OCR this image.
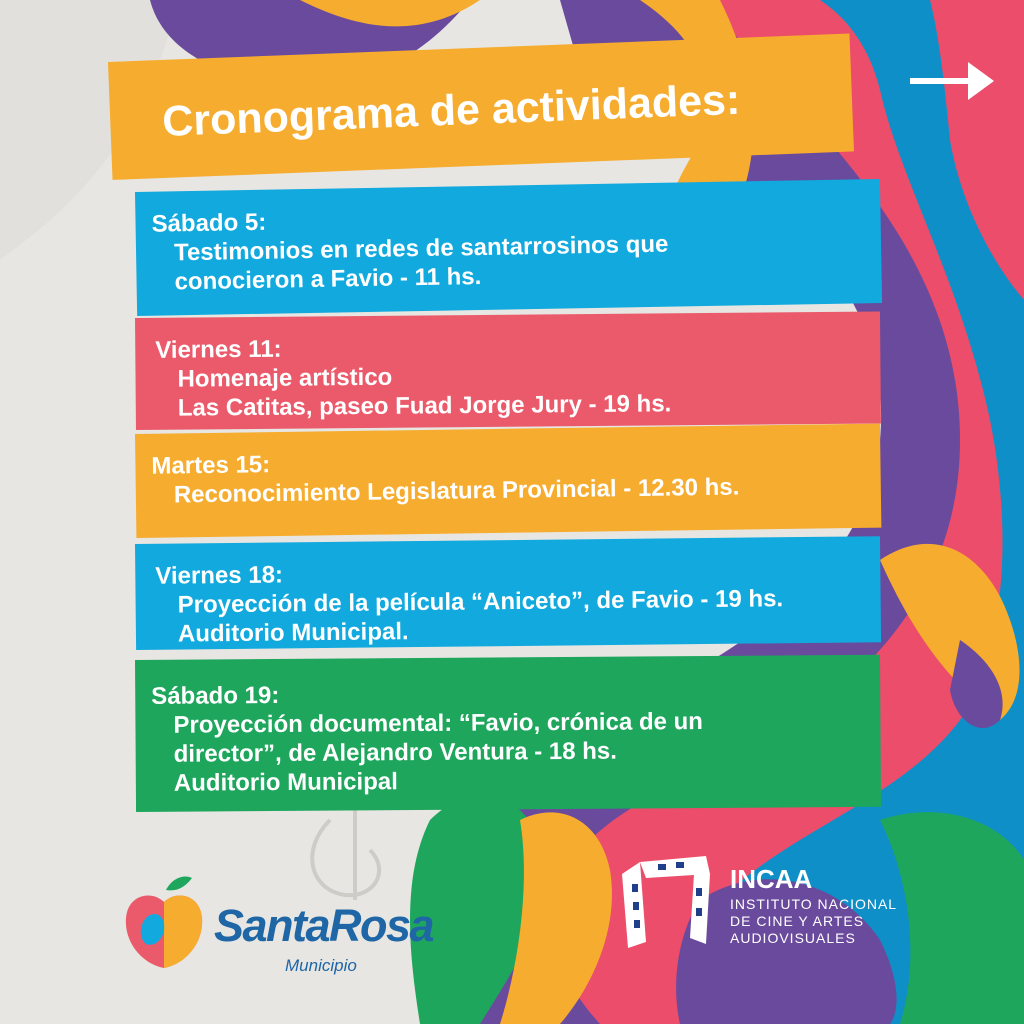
Cronograma de actividades:
Sábado 5:
Testimonios en redes de santarrosinos que
conocieron a Favio - 11 hs.
Viernes 11:
Homenaje artístico
Las Catitas, paseo Fuad Jorge Jury - 19 hs.
Martes 15:
Reconocimiento Legislatura Provincial - 12.30 hs.
Viernes 18:
Proyección de la película “Aniceto”, de Favio - 19 hs.
Auditorio Municipal.
Sábado 19:
Proyección documental: “Favio, crónica de un
director”, de Alejandro Ventura - 18 hs.
Auditorio Municipal
SantaRosa
Municipio
INCAA
INSTITUTO NACIONAL
DE CINE Y ARTES
AUDIOVISUALES
